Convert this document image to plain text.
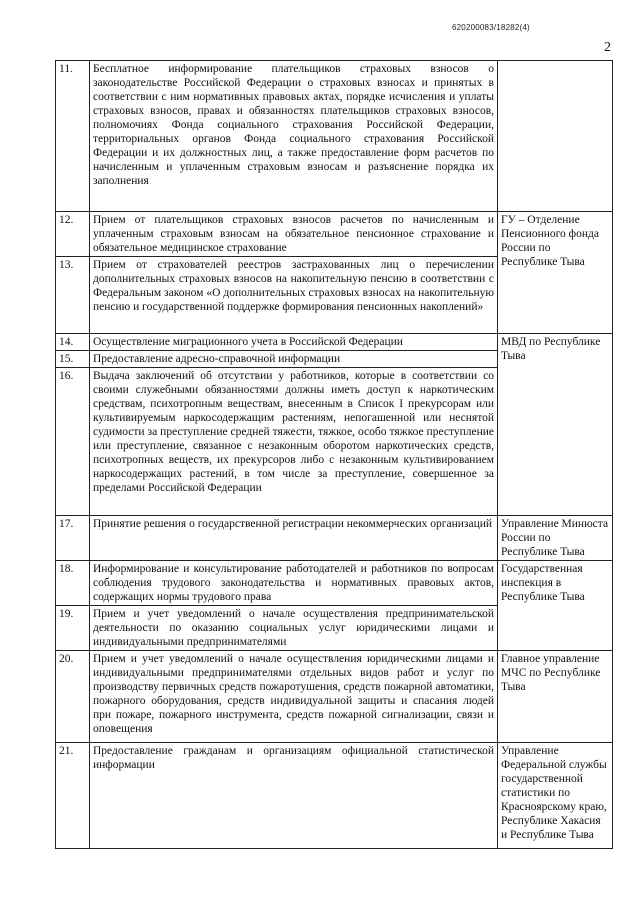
620200083/18282(4)
2
11.	Бесплатное информирование плательщиков страховых взносов о законодательстве Российской Федерации о страховых взносах и принятых в соответствии с ним нормативных правовых актах, порядке исчисления и уплаты страховых взносов, правах и обязанностях плательщиков страховых взносов, полномочиях Фонда социального страхования Российской Федерации, территориальных органов Фонда социального страхования Российской Федерации и их должностных лиц, а также предоставление форм расчетов по начисленным и уплаченным страховым взносам и разъяснение порядка их заполнения	
12.	Прием от плательщиков страховых взносов расчетов по начисленным и уплаченным страховым взносам на обязательное пенсионное страхование и обязательное медицинское страхование	ГУ – Отделение Пенсионного фонда России по Республике Тыва

13.	Прием от страхователей реестров застрахованных лиц о перечислении дополнительных страховых взносов на накопительную пенсию в соответствии с Федеральным законом «О дополнительных страховых взносах на накопительную пенсию и государственной поддержке формирования пенсионных накоплений»	
14.	Осуществление миграционного учета в Российской Федерации	МВД по Республике Тыва

15.	Предоставление адресно-справочной информации	
16.	Выдача заключений об отсутствии у работников, которые в соответствии со своими служебными обязанностями должны иметь доступ к наркотическим средствам, психотропным веществам, внесенным в Список I прекурсорам или культивируемым наркосодержащим растениям, непогашенной или неснятой судимости за преступление средней тяжести, тяжкое, особо тяжкое преступление или преступление, связанное с незаконным оборотом наркотических средств, психотропных веществ, их прекурсоров либо с незаконным культивированием наркосодержащих растений, в том числе за преступление, совершенное за пределами Российской Федерации	
17.	Принятие решения о государственной регистрации некоммерческих организаций	Управление Минюста России по Республике Тыва

18.	Информирование и консультирование работодателей и работников по вопросам соблюдения трудового законодательства и нормативных правовых актов, содержащих нормы трудового права	Государственная инспекция в Республике Тыва

19.	Прием и учет уведомлений о начале осуществления предпринимательской деятельности по оказанию социальных услуг юридическими лицами и индивидуальными предпринимателями	
20.	Прием и учет уведомлений о начале осуществления юридическими лицами и индивидуальными предпринимателями отдельных видов работ и услуг по производству первичных средств пожаротушения, средств пожарной автоматики, пожарного оборудования, средств индивидуальной защиты и спасания людей при пожаре, пожарного инструмента, средств пожарной сигнализации, связи и оповещения	Главное управление МЧС по Республике Тыва

21.	Предоставление гражданам и организациям официальной статистической информации	Управление Федеральной службы государственной статистики по Красноярскому краю, Республике Хакасия и Республике Тыва
